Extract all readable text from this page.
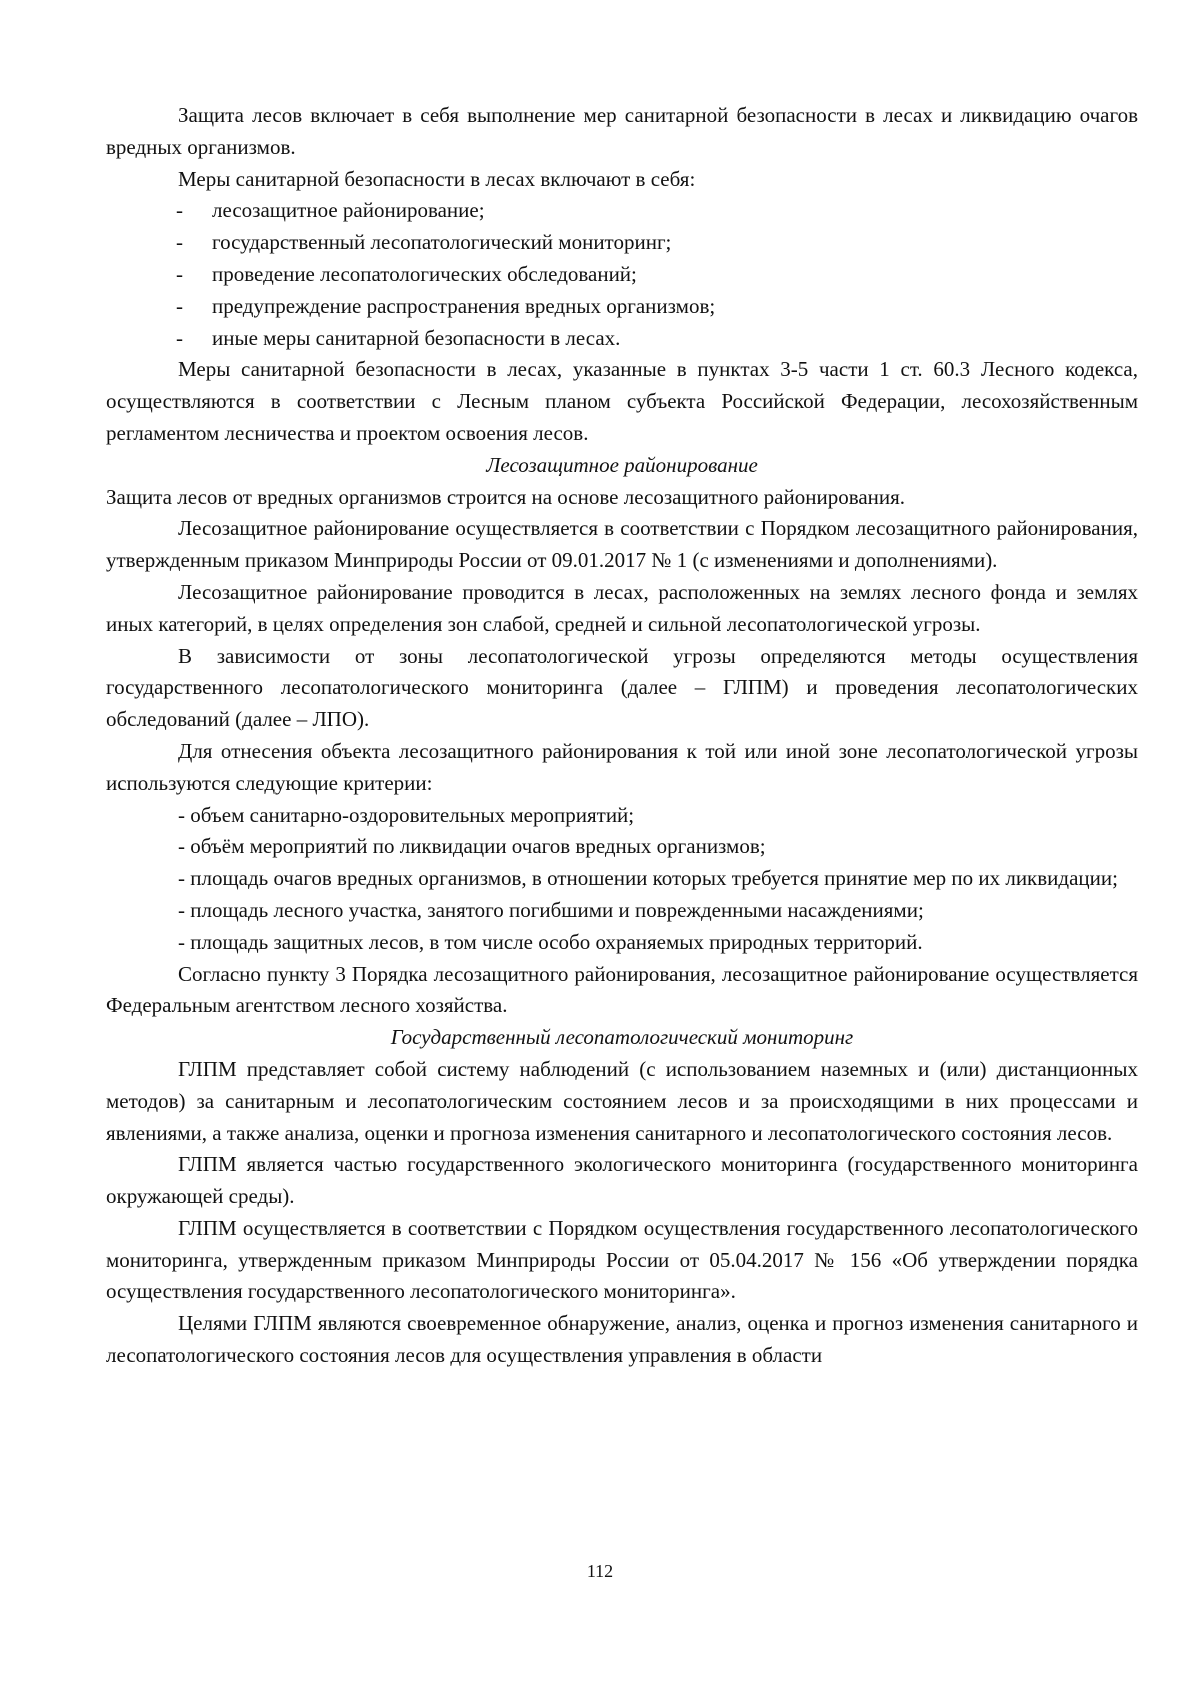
Защита лесов включает в себя выполнение мер санитарной безопасности в лесах и ликвидацию очагов вредных организмов.

Меры санитарной безопасности в лесах включают в себя:

- лесозащитное районирование;

- государственный лесопатологический мониторинг;

- проведение лесопатологических обследований;

- предупреждение распространения вредных организмов;

- иные меры санитарной безопасности в лесах.

Меры санитарной безопасности в лесах, указанные в пунктах 3-5 части 1 ст. 60.3 Лесного кодекса, осуществляются в соответствии с Лесным планом субъекта Российской Федерации, лесохозяйственным регламентом лесничества и проектом освоения лесов.

Лесозащитное районирование

Защита лесов от вредных организмов строится на основе лесозащитного районирования.

Лесозащитное районирование осуществляется в соответствии с Порядком лесозащитного районирования, утвержденным приказом Минприроды России от 09.01.2017 № 1 (с изменениями и дополнениями).

Лесозащитное районирование проводится в лесах, расположенных на землях лесного фонда и землях иных категорий, в целях определения зон слабой, средней и сильной лесопатологической угрозы.

В зависимости от зоны лесопатологической угрозы определяются методы осуществления государственного лесопатологического мониторинга (далее – ГЛПМ) и проведения лесопатологических обследований (далее – ЛПО).

Для отнесения объекта лесозащитного районирования к той или иной зоне лесопатологической угрозы используются следующие критерии:

- объем санитарно-оздоровительных мероприятий;

- объём мероприятий по ликвидации очагов вредных организмов;

- площадь очагов вредных организмов, в отношении которых требуется принятие мер по их ликвидации;

- площадь лесного участка, занятого погибшими и поврежденными насаждениями;

- площадь защитных лесов, в том числе особо охраняемых природных территорий.

Согласно пункту 3 Порядка лесозащитного районирования, лесозащитное районирование осуществляется Федеральным агентством лесного хозяйства.

Государственный лесопатологический мониторинг

ГЛПМ представляет собой систему наблюдений (с использованием наземных и (или) дистанционных методов) за санитарным и лесопатологическим состоянием лесов и за происходящими в них процессами и явлениями, а также анализа, оценки и прогноза изменения санитарного и лесопатологического состояния лесов.

ГЛПМ является частью государственного экологического мониторинга (государственного мониторинга окружающей среды).

ГЛПМ осуществляется в соответствии с Порядком осуществления государственного лесопатологического мониторинга, утвержденным приказом Минприроды России от 05.04.2017 № 156 «Об утверждении порядка осуществления государственного лесопатологического мониторинга».

Целями ГЛПМ являются своевременное обнаружение, анализ, оценка и прогноз изменения санитарного и лесопатологического состояния лесов для осуществления управления в области

112
